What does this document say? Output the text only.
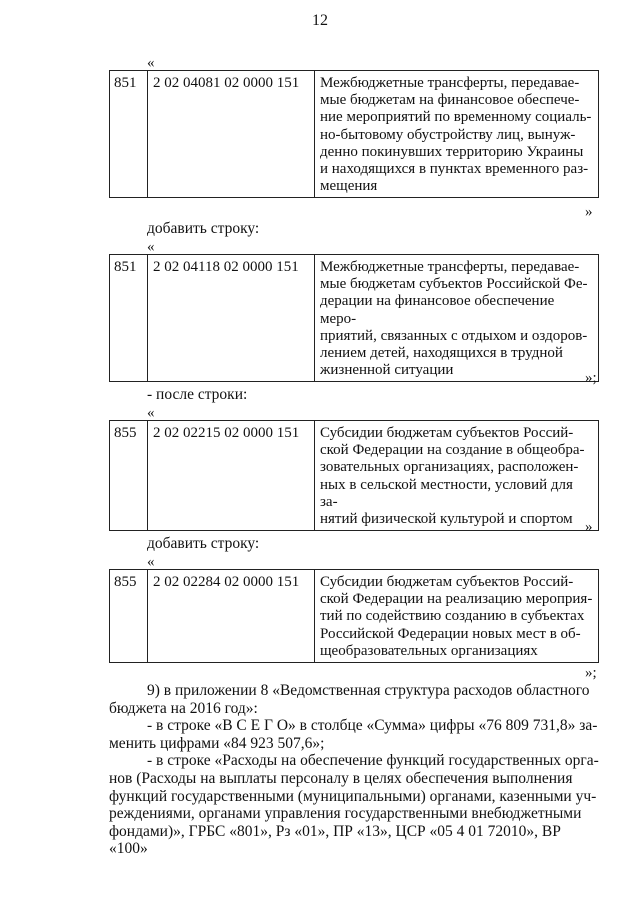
12
«
851	2 02 04081 02 0000 151	Межбюджетные трансферты, передавае-
мые бюджетам на финансовое обеспече-
ние мероприятий по временному социаль-
но-бытовому обустройству лиц, вынуж-
денно покинувших территорию Украины
и находящихся в пунктах временного раз-
мещения
»
добавить строку:
«
851	2 02 04118 02 0000 151	Межбюджетные трансферты, передавае-
мые бюджетам субъектов Российской Фе-
дерации на финансовое обеспечение меро-
приятий, связанных с отдыхом и оздоров-
лением детей, находящихся в трудной
жизненной ситуации	»;
- после строки:
«
855	2 02 02215 02 0000 151	Субсидии бюджетам субъектов Россий-
ской Федерации на создание в общеобра-
зовательных организациях, расположен-
ных в сельской местности, условий для за-
нятий физической культурой и спортом »
добавить строку:
«
855	2 02 02284 02 0000 151	Субсидии бюджетам субъектов Россий-
ской Федерации на реализацию мероприя-
тий по содействию созданию в субъектах
Российской Федерации новых мест в об-
щеобразовательных организациях
»;

9) в приложении 8 «Ведомственная структура расходов областного

бюджета на 2016 год»:

- в строке «В С Е Г О» в столбце «Сумма» цифры «76 809 731,8» за-

менить цифрами «84 923 507,6»;

- в строке «Расходы на обеспечение функций государственных орга-

нов (Расходы на выплаты персоналу в целях обеспечения выполнения

функций государственными (муниципальными) органами, казенными уч-

реждениями, органами управления государственными внебюджетными

фондами)», ГРБС «801», Рз «01», ПР «13», ЦСР «05 4 01 72010», ВР «100»
